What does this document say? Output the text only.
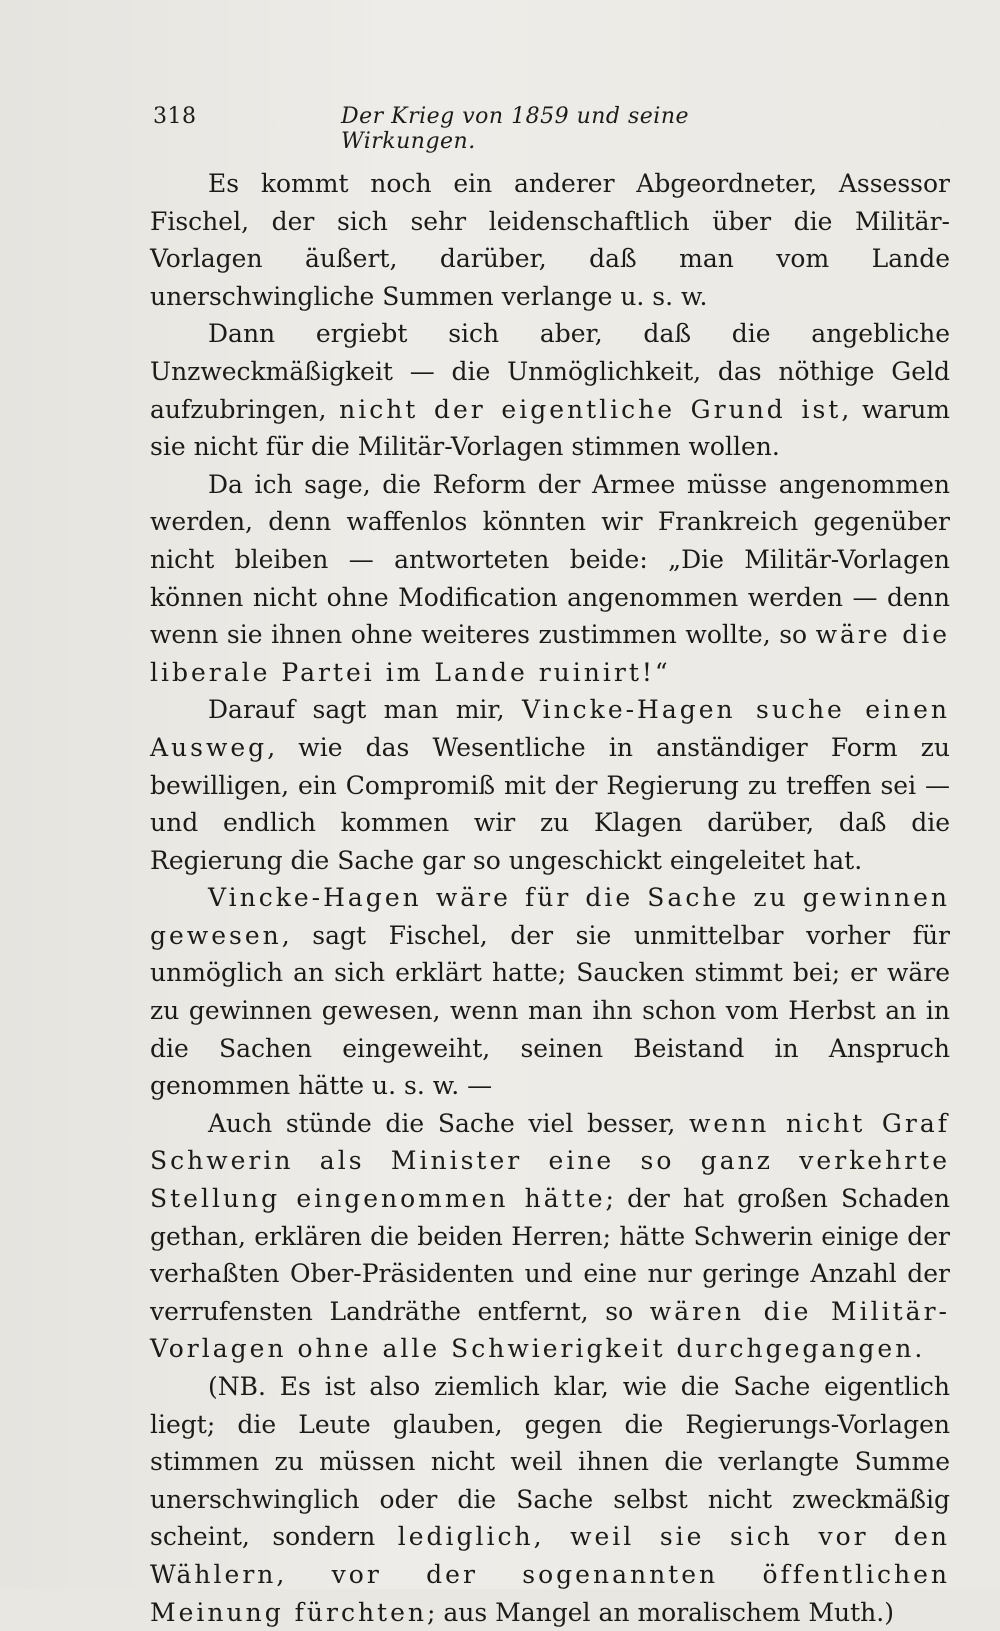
318	Der Krieg von 1859 und seine Wirkungen.

Es kommt noch ein anderer Abgeordneter, Assessor Fischel, der sich sehr leidenschaftlich über die Militär-Vorlagen äußert, darüber, daß man vom Lande unerschwingliche Summen verlange u. s. w.

Dann ergiebt sich aber, daß die angebliche Unzweckmäßigkeit — die Unmöglichkeit, das nöthige Geld aufzubringen, nicht der eigentliche Grund ist, warum sie nicht für die Militär-Vorlagen stimmen wollen.

Da ich sage, die Reform der Armee müsse angenommen werden, denn waffenlos könnten wir Frankreich gegenüber nicht bleiben — antworteten beide: „Die Militär-Vorlagen können nicht ohne Modification angenommen werden — denn wenn sie ihnen ohne weiteres zustimmen wollte, so wäre die liberale Partei im Lande ruinirt!“

Darauf sagt man mir, Vincke-Hagen suche einen Ausweg, wie das Wesentliche in anständiger Form zu bewilligen, ein Compromiß mit der Regierung zu treffen sei — und endlich kommen wir zu Klagen darüber, daß die Regierung die Sache gar so ungeschickt eingeleitet hat.

Vincke-Hagen wäre für die Sache zu gewinnen gewesen, sagt Fischel, der sie unmittelbar vorher für unmöglich an sich erklärt hatte; Saucken stimmt bei; er wäre zu gewinnen gewesen, wenn man ihn schon vom Herbst an in die Sachen eingeweiht, seinen Beistand in Anspruch genommen hätte u. s. w. —

Auch stünde die Sache viel besser, wenn nicht Graf Schwerin als Minister eine so ganz verkehrte Stellung eingenommen hätte; der hat großen Schaden gethan, erklären die beiden Herren; hätte Schwerin einige der verhaßten Ober-Präsidenten und eine nur geringe Anzahl der verrufensten Landräthe entfernt, so wären die Militär-Vorlagen ohne alle Schwierigkeit durchgegangen.

(NB. Es ist also ziemlich klar, wie die Sache eigentlich liegt; die Leute glauben, gegen die Regierungs-Vorlagen stimmen zu müssen nicht weil ihnen die verlangte Summe unerschwinglich oder die Sache selbst nicht zweckmäßig scheint, sondern lediglich, weil sie sich vor den Wählern, vor der sogenannten öffentlichen Meinung fürchten; aus Mangel an moralischem Muth.)
